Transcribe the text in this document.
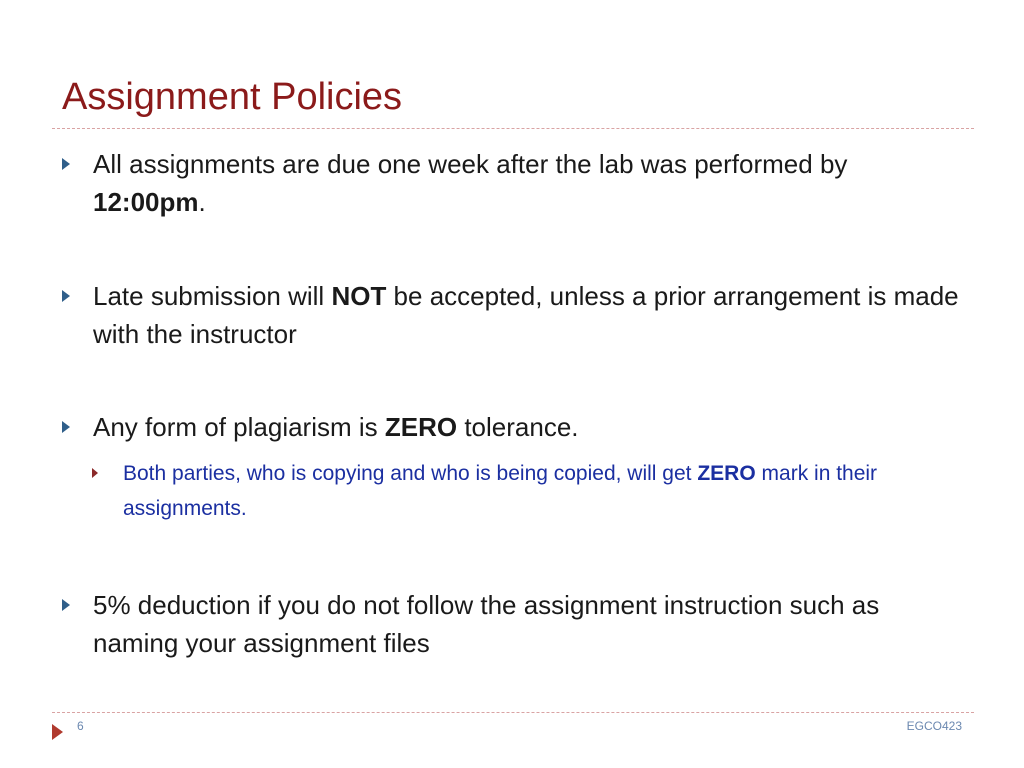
Assignment Policies
All assignments are due one week after the lab was performed by 12:00pm.
Late submission will NOT be accepted, unless a prior arrangement is made with the instructor
Any form of plagiarism is ZERO tolerance.
Both parties, who is copying and who is being copied, will get ZERO mark in their assignments.
5% deduction if you do not follow the assignment instruction such as naming your assignment files
6	EGCO423
